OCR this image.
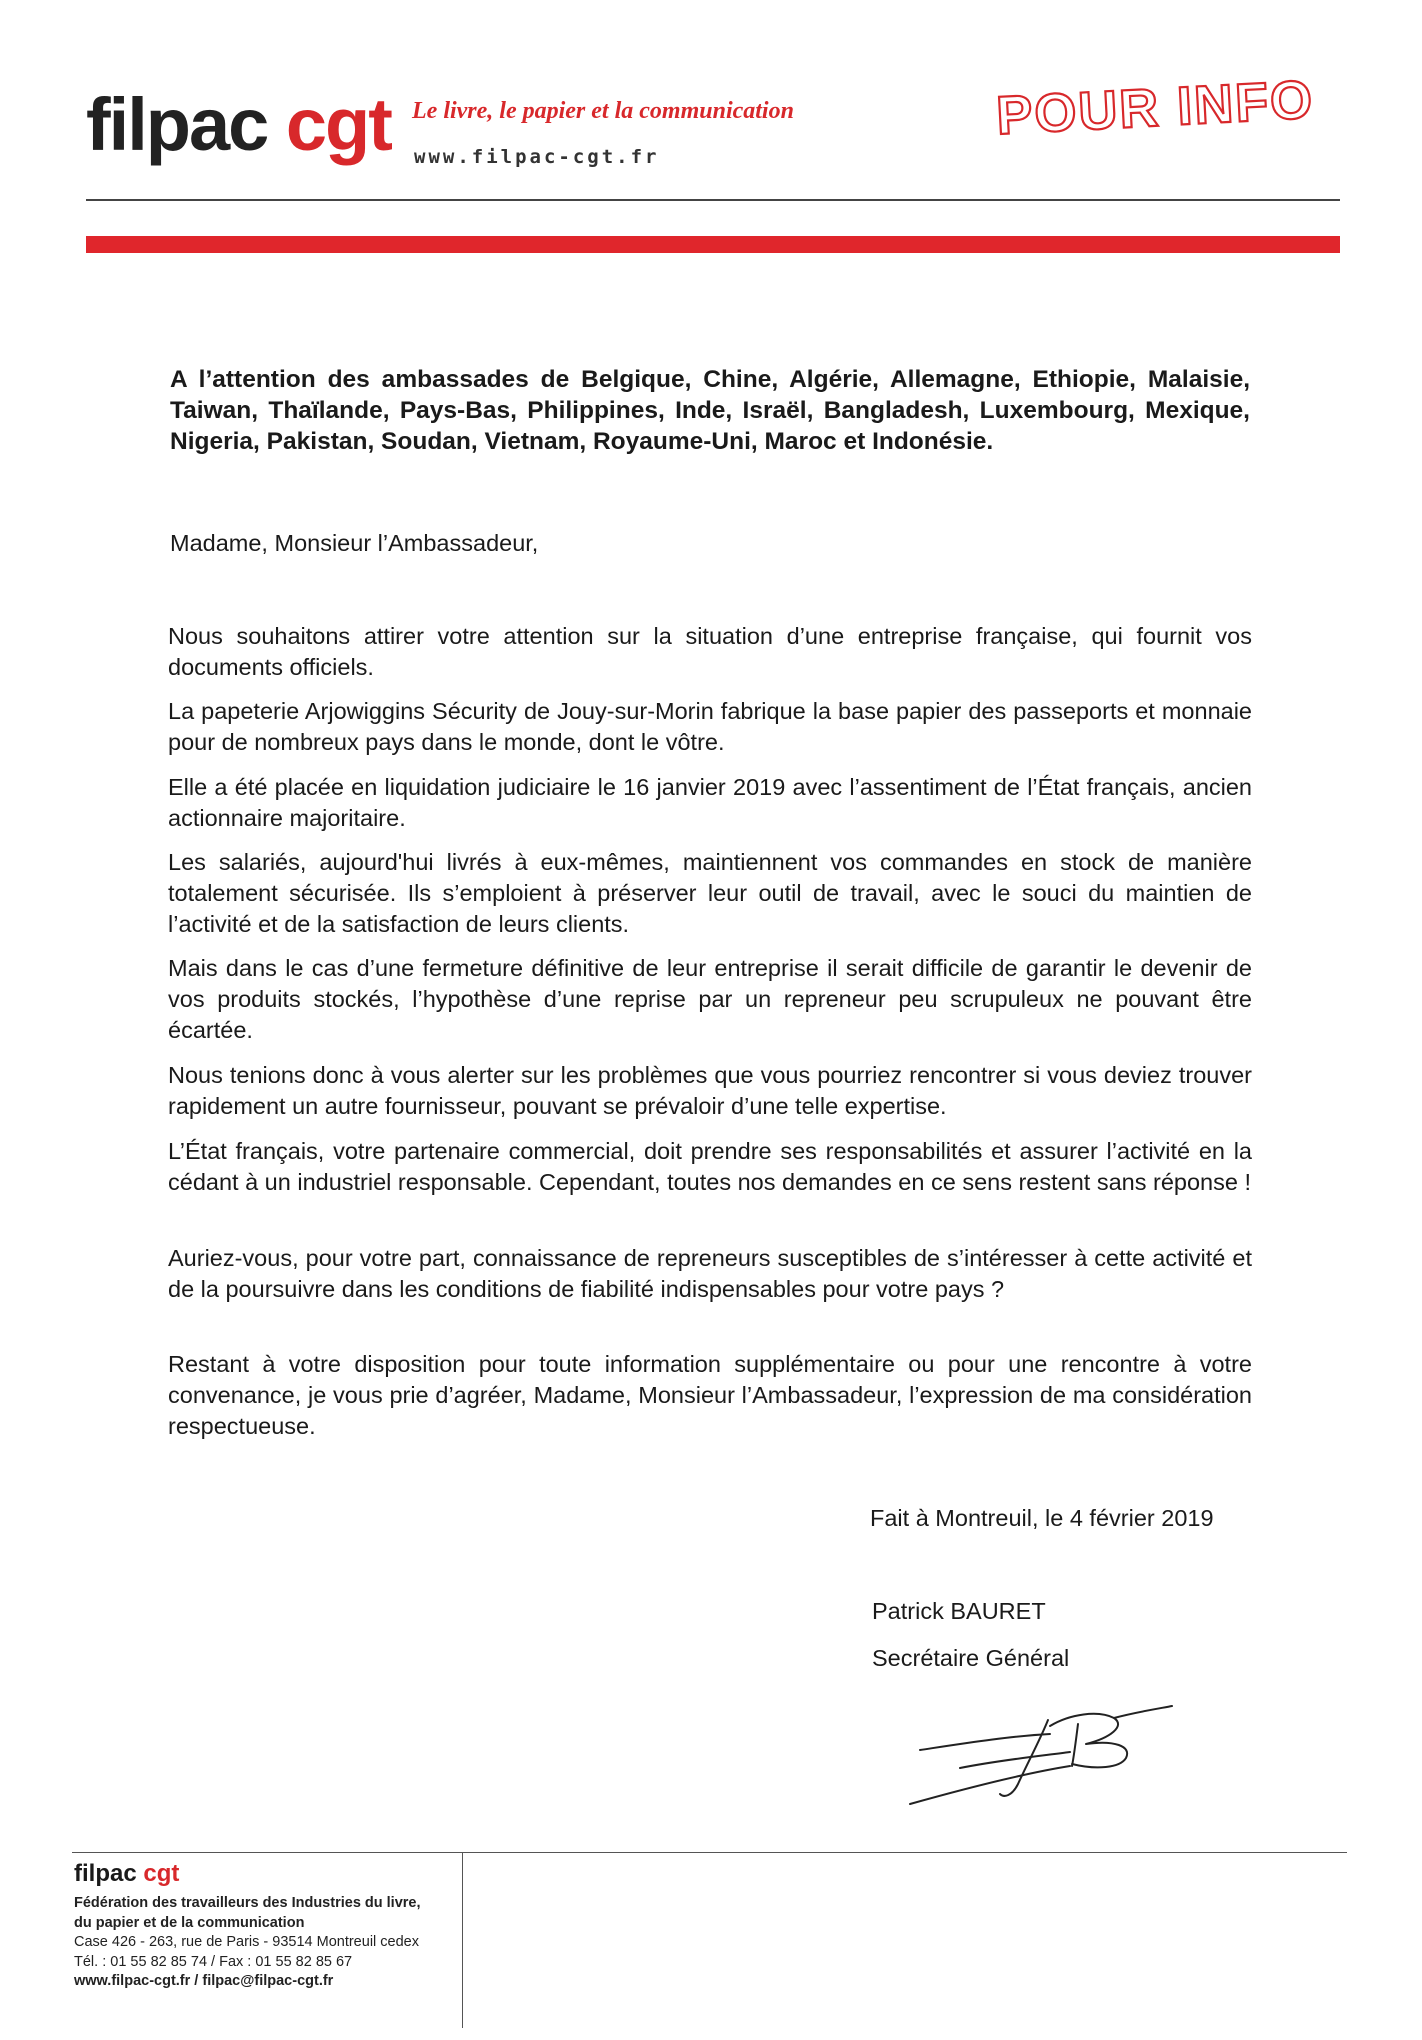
filpac cgt Le livre, le papier et la communication
www.filpac-cgt.fr
POUR INFO
A l’attention des ambassades de Belgique, Chine, Algérie, Allemagne, Ethiopie, Malaisie, Taiwan, Thaïlande, Pays-Bas, Philippines, Inde, Israël, Bangladesh, Luxembourg, Mexique, Nigeria, Pakistan, Soudan, Vietnam, Royaume-Uni, Maroc et Indonésie.
Madame, Monsieur l’Ambassadeur,
Nous souhaitons attirer votre attention sur la situation d’une entreprise française, qui fournit vos documents officiels.
La papeterie Arjowiggins Sécurity de Jouy-sur-Morin fabrique la base papier des passeports et monnaie pour de nombreux pays dans le monde, dont le vôtre.
Elle a été placée en liquidation judiciaire le 16 janvier 2019 avec l’assentiment de l’État français, ancien actionnaire majoritaire.
Les salariés, aujourd'hui livrés à eux-mêmes, maintiennent vos commandes en stock de manière totalement sécurisée. Ils s’emploient à préserver leur outil de travail, avec le souci du maintien de l’activité et de la satisfaction de leurs clients.
Mais dans le cas d’une fermeture définitive de leur entreprise il serait difficile de garantir le devenir de vos produits stockés, l’hypothèse d’une reprise par un repreneur peu scrupuleux ne pouvant être écartée.
Nous tenions donc à vous alerter sur les problèmes que vous pourriez rencontrer si vous deviez trouver rapidement un autre fournisseur, pouvant se prévaloir d’une telle expertise.
L’État français, votre partenaire commercial, doit prendre ses responsabilités et assurer l’activité en la cédant à un industriel responsable. Cependant, toutes nos demandes en ce sens restent sans réponse !
Auriez-vous, pour votre part, connaissance de repreneurs susceptibles de s’intéresser à cette activité et de la poursuivre dans les conditions de fiabilité indispensables pour votre pays ?
Restant à votre disposition pour toute information supplémentaire ou pour une rencontre à votre convenance, je vous prie d’agréer, Madame, Monsieur l’Ambassadeur, l’expression de ma considération respectueuse.
Fait à Montreuil, le 4 février 2019
Patrick BAURET
Secrétaire Général
filpac cgt
Fédération des travailleurs des Industries du livre,
du papier et de la communication
Case 426 - 263, rue de Paris - 93514 Montreuil cedex
Tél. : 01 55 82 85 74 / Fax : 01 55 82 85 67
www.filpac-cgt.fr / filpac@filpac-cgt.fr
